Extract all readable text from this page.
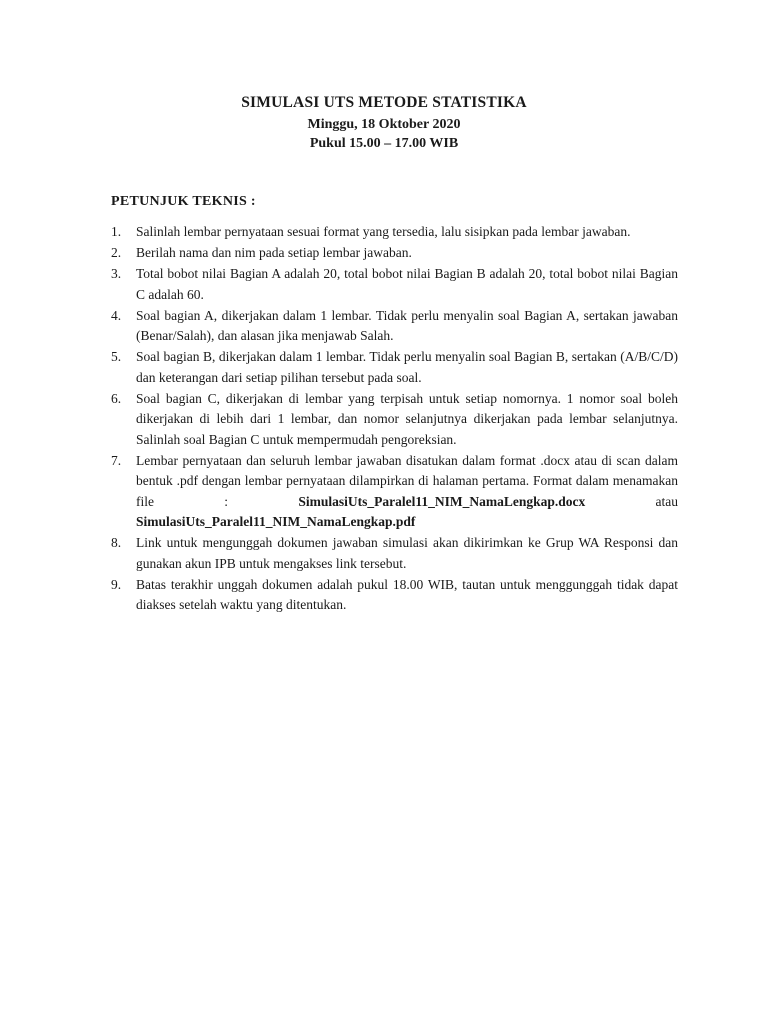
SIMULASI UTS METODE STATISTIKA
Minggu, 18 Oktober 2020
Pukul 15.00 – 17.00 WIB
PETUNJUK TEKNIS :
1.	Salinlah lembar pernyataan sesuai format yang tersedia, lalu sisipkan pada lembar jawaban.
2.	Berilah nama dan nim pada setiap lembar jawaban.
3.	Total bobot nilai Bagian A adalah 20, total bobot nilai Bagian B adalah 20, total bobot nilai Bagian C adalah 60.
4.	Soal bagian A, dikerjakan dalam 1 lembar. Tidak perlu menyalin soal Bagian A, sertakan jawaban (Benar/Salah), dan alasan jika menjawab Salah.
5.	Soal bagian B, dikerjakan dalam 1 lembar. Tidak perlu menyalin soal Bagian B, sertakan (A/B/C/D) dan keterangan dari setiap pilihan tersebut pada soal.
6.	Soal bagian C, dikerjakan di lembar yang terpisah untuk setiap nomornya. 1 nomor soal boleh dikerjakan di lebih dari 1 lembar, dan nomor selanjutnya dikerjakan pada lembar selanjutnya. Salinlah soal Bagian C untuk mempermudah pengoreksian.
7.	Lembar pernyataan dan seluruh lembar jawaban disatukan dalam format .docx atau di scan dalam bentuk .pdf dengan lembar pernyataan dilampirkan di halaman pertama. Format dalam menamakan file : SimulasiUts_Paralel11_NIM_NamaLengkap.docx atau SimulasiUts_Paralel11_NIM_NamaLengkap.pdf
8.	Link untuk mengunggah dokumen jawaban simulasi akan dikirimkan ke Grup WA Responsi dan gunakan akun IPB untuk mengakses link tersebut.
9.	Batas terakhir unggah dokumen adalah pukul 18.00 WIB, tautan untuk menggunggah tidak dapat diakses setelah waktu yang ditentukan.
